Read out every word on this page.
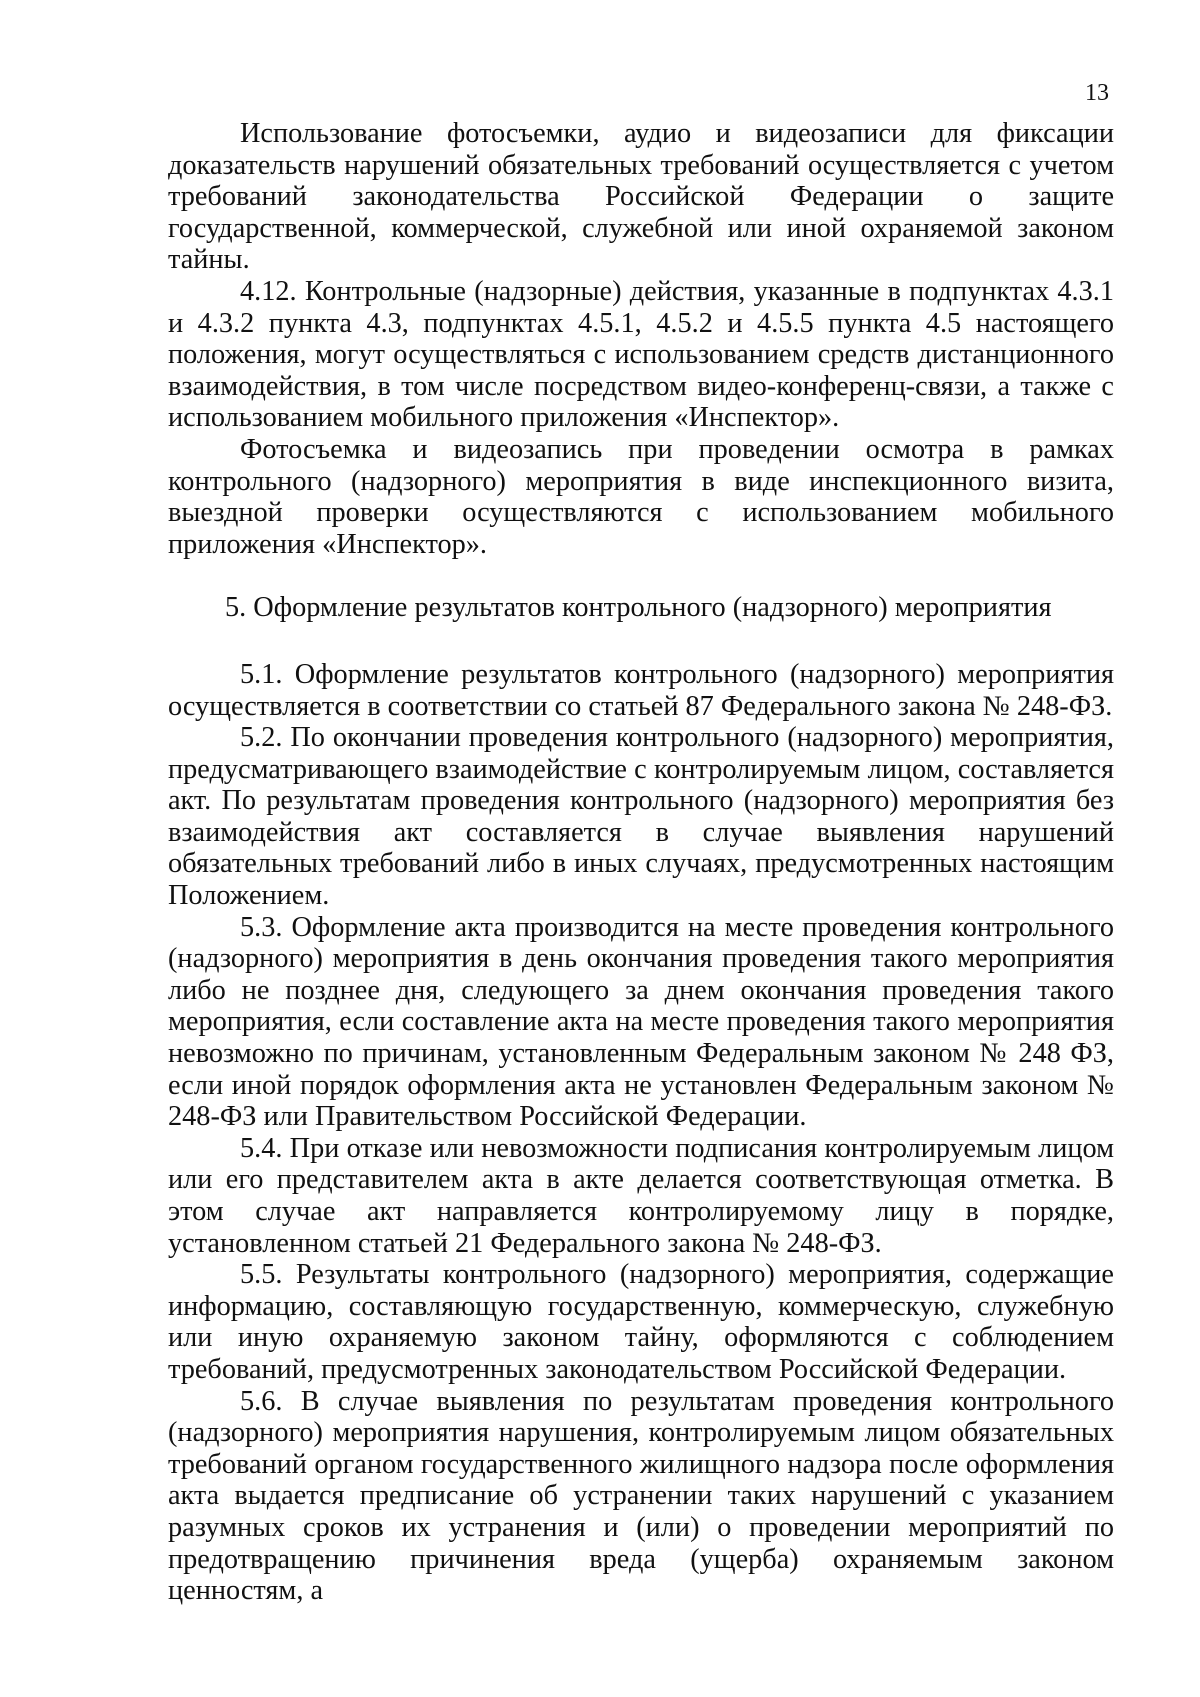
13

Использование фотосъемки, аудио и видеозаписи для фиксации доказательств нарушений обязательных требований осуществляется с учетом требований законодательства Российской Федерации о защите государственной, коммерческой, служебной или иной охраняемой законом тайны.

4.12. Контрольные (надзорные) действия, указанные в подпунктах 4.3.1 и 4.3.2 пункта 4.3, подпунктах 4.5.1, 4.5.2 и 4.5.5 пункта 4.5 настоящего положения, могут осуществляться с использованием средств дистанционного взаимодействия, в том числе посредством видео-конференц-связи, а также с использованием мобильного приложения «Инспектор».

Фотосъемка и видеозапись при проведении осмотра в рамках контрольного (надзорного) мероприятия в виде инспекционного визита, выездной проверки осуществляются с использованием мобильного приложения «Инспектор».

5. Оформление результатов контрольного (надзорного) мероприятия

5.1. Оформление результатов контрольного (надзорного) мероприятия осуществляется в соответствии со статьей 87 Федерального закона № 248-ФЗ.

5.2. По окончании проведения контрольного (надзорного) мероприятия, предусматривающего взаимодействие с контролируемым лицом, составляется акт. По результатам проведения контрольного (надзорного) мероприятия без взаимодействия акт составляется в случае выявления нарушений обязательных требований либо в иных случаях, предусмотренных настоящим Положением.

5.3. Оформление акта производится на месте проведения контрольного (надзорного) мероприятия в день окончания проведения такого мероприятия либо не позднее дня, следующего за днем окончания проведения такого мероприятия, если составление акта на месте проведения такого мероприятия невозможно по причинам, установленным Федеральным законом № 248 ФЗ, если иной порядок оформления акта не установлен Федеральным законом № 248-ФЗ или Правительством Российской Федерации.

5.4. При отказе или невозможности подписания контролируемым лицом или его представителем акта в акте делается соответствующая отметка. В этом случае акт направляется контролируемому лицу в порядке, установленном статьей 21 Федерального закона № 248-ФЗ.

5.5. Результаты контрольного (надзорного) мероприятия, содержащие информацию, составляющую государственную, коммерческую, служебную или иную охраняемую законом тайну, оформляются с соблюдением требований, предусмотренных законодательством Российской Федерации.

5.6. В случае выявления по результатам проведения контрольного (надзорного) мероприятия нарушения, контролируемым лицом обязательных требований органом государственного жилищного надзора после оформления акта выдается предписание об устранении таких нарушений с указанием разумных сроков их устранения и (или) о проведении мероприятий по предотвращению причинения вреда (ущерба) охраняемым законом ценностям, а
